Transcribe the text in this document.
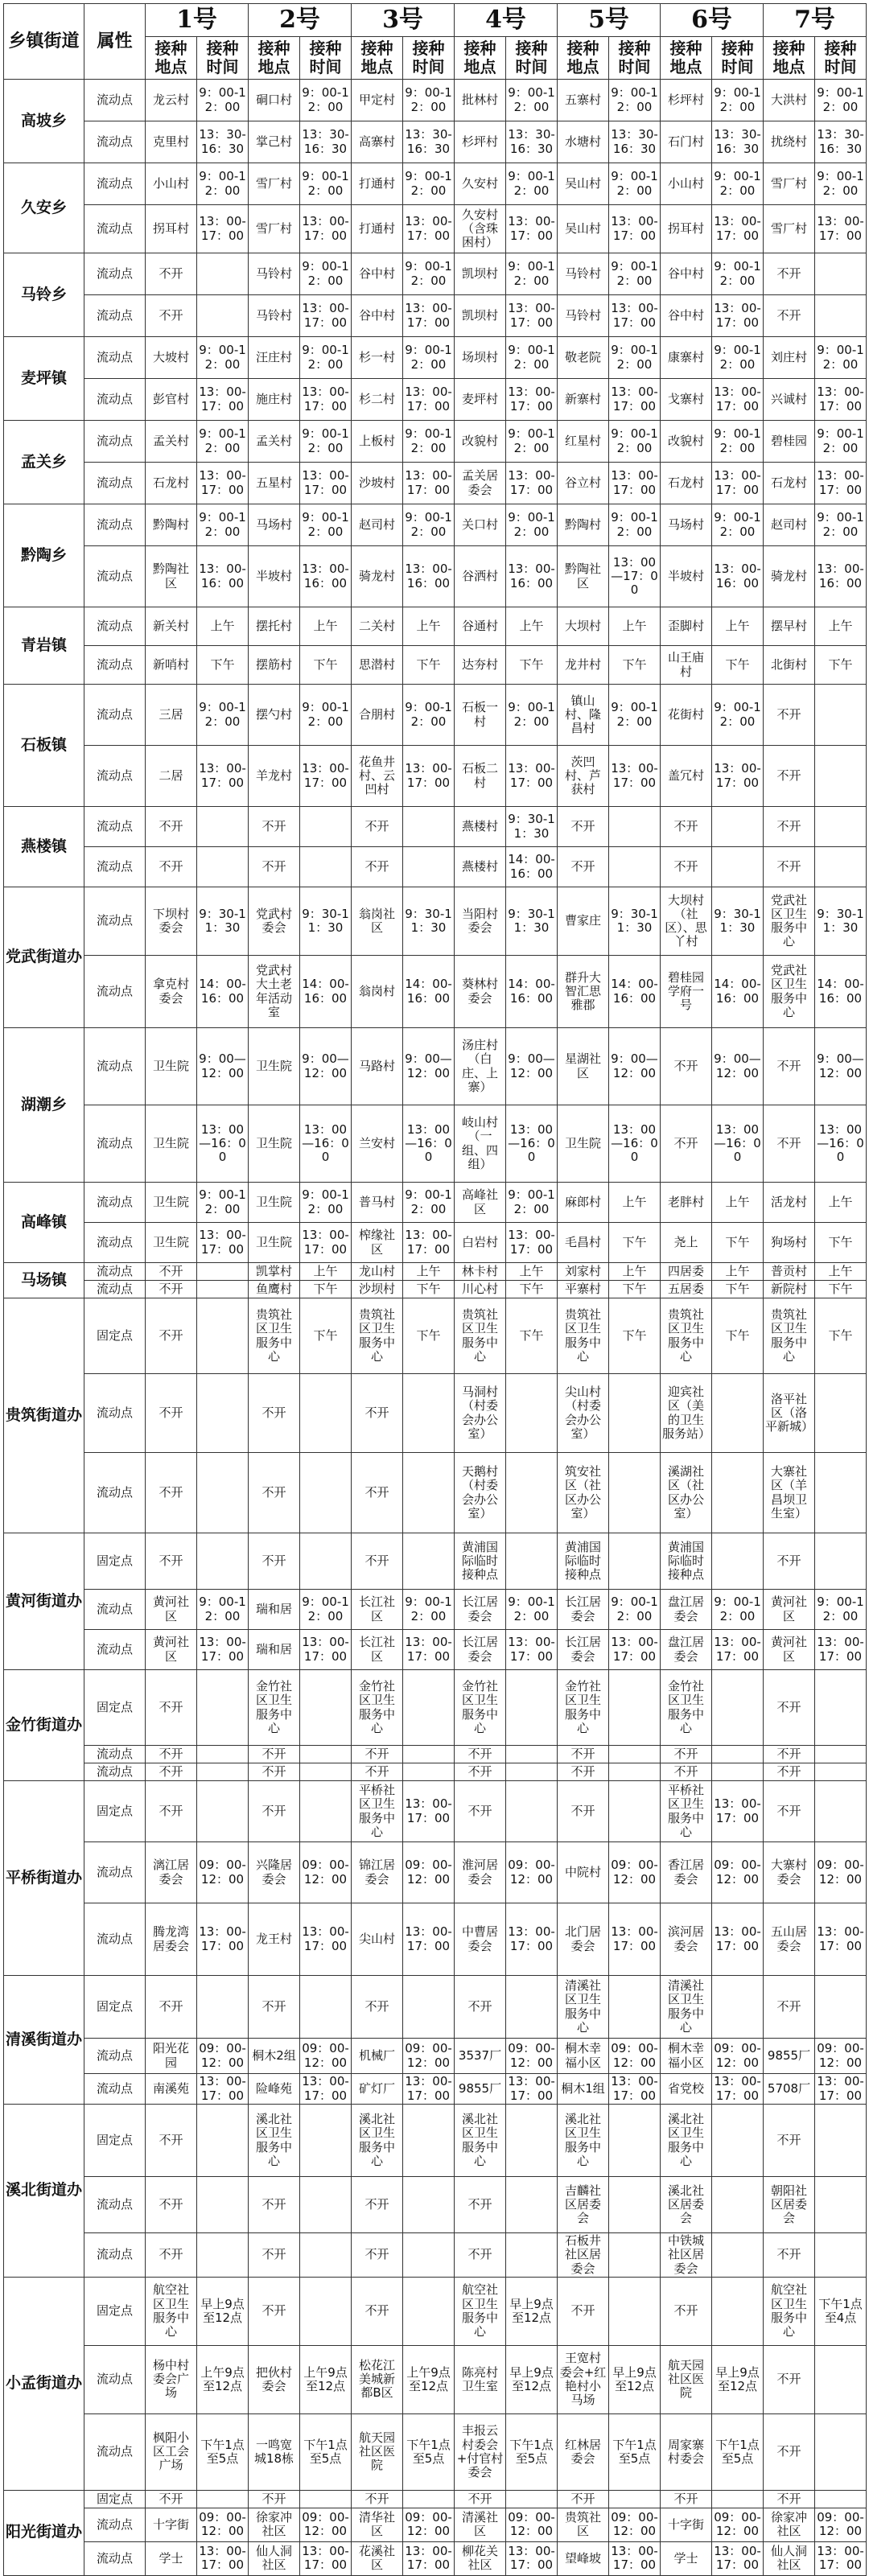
乡镇街道	属性	1号		2号		3号		4号		5号		6号		7号	
		接种地点	接种时间	接种地点	接种时间	接种地点	接种时间	接种地点	接种时间	接种地点	接种时间	接种地点	接种时间	接种地点	接种时间
高坡乡	流动点	龙云村	9：00-12：00	硐口村	9：00-12：00	甲定村	9：00-12：00	批林村	9：00-12：00	五寨村	9：00-12：00	杉坪村	9：00-12：00	大洪村	9：00-12：00
	流动点	克里村	13：30-16：30	掌己村	13：30-16：30	高寨村	13：30-16：30	杉坪村	13：30-16：30	水塘村	13：30-16：30	石门村	13：30-16：30	扰绕村	13：30-16：30
久安乡	流动点	小山村	9：00-12：00	雪厂村	9：00-12：00	打通村	9：00-12：00	久安村	9：00-12：00	吴山村	9：00-12：00	小山村	9：00-12：00	雪厂村	9：00-12：00
	流动点	拐耳村	13：00-17：00	雪厂村	13：00-17：00	打通村	13：00-17：00	久安村（含珠困村）	13：00-17：00	吴山村	13：00-17：00	拐耳村	13：00-17：00	雪厂村	13：00-17：00
马铃乡	流动点	不开		马铃村	9：00-12：00	谷中村	9：00-12：00	凯坝村	9：00-12：00	马铃村	9：00-12：00	谷中村	9：00-12：00	不开	
	流动点	不开		马铃村	13：00-17：00	谷中村	13：00-17：00	凯坝村	13：00-17：00	马铃村	13：00-17：00	谷中村	13：00-17：00	不开	
麦坪镇	流动点	大坡村	9：00-12：00	汪庄村	9：00-12：00	杉一村	9：00-12：00	场坝村	9：00-12：00	敬老院	9：00-12：00	康寨村	9：00-12：00	刘庄村	9：00-12：00
	流动点	彭官村	13：00-17：00	施庄村	13：00-17：00	杉二村	13：00-17：00	麦坪村	13：00-17：00	新寨村	13：00-17：00	戈寨村	13：00-17：00	兴诚村	13：00-17：00
孟关乡	流动点	孟关村	9：00-12：00	孟关村	9：00-12：00	上板村	9：00-12：00	改貌村	9：00-12：00	红星村	9：00-12：00	改貌村	9：00-12：00	碧桂园	9：00-12：00
	流动点	石龙村	13：00-17：00	五星村	13：00-17：00	沙坡村	13：00-17：00	孟关居委会	13：00-17：00	谷立村	13：00-17：00	石龙村	13：00-17：00	石龙村	13：00-17：00
黔陶乡	流动点	黔陶村	9：00-12：00	马场村	9：00-12：00	赵司村	9：00-12：00	关口村	9：00-12：00	黔陶村	9：00-12：00	马场村	9：00-12：00	赵司村	9：00-12：00
	流动点	黔陶社区	13：00-16：00	半坡村	13：00-16：00	骑龙村	13：00-16：00	谷洒村	13：00-16：00	黔陶社区	13：00—17：00	半坡村	13：00-16：00	骑龙村	13：00-16：00
青岩镇	流动点	新关村	上午	摆托村	上午	二关村	上午	谷通村	上午	大坝村	上午	歪脚村	上午	摆早村	上午
	流动点	新哨村	下午	摆筋村	下午	思潜村	下午	达夯村	下午	龙井村	下午	山王庙村	下午	北街村	下午
石板镇	流动点	三居	9：00-12：00	摆勺村	9：00-12：00	合朋村	9：00-12：00	石板一村	9：00-12：00	镇山村、隆昌村	9：00-12：00	花街村	9：00-12：00	不开	
	流动点	二居	13：00-17：00	羊龙村	13：00-17：00	花鱼井村、云凹村	13：00-17：00	石板二村	13：00-17：00	茨凹村、芦获村	13：00-17：00	盖冗村	13：00-17：00	不开	
燕楼镇	流动点	不开		不开		不开		燕楼村	9：30-11：30	不开		不开		不开	
	流动点	不开		不开		不开		燕楼村	14：00-16：00	不开		不开		不开	
党武街道办	流动点	下坝村委会	9：30-11：30	党武村委会	9：30-11：30	翁岗社区	9：30-11：30	当阳村委会	9：30-11：30	曹家庄	9：30-11：30	大坝村（社区）、思丫村	9：30-11：30	党武社区卫生服务中心	9：30-11：30
	流动点	拿克村委会	14：00-16：00	党武村大土老年活动室	14：00-16：00	翁岗村	14：00-16：00	葵林村委会	14：00-16：00	群升大智汇思雅郡	14：00-16：00	碧桂园学府一号	14：00-16：00	党武社区卫生服务中心	14：00-16：00
湖潮乡	流动点	卫生院	9：00—12：00	卫生院	9：00—12：00	马路村	9：00—12：00	汤庄村（白庄、上寨）	9：00—12：00	星湖社区	9：00—12：00	不开	9：00—12：00	不开	9：00—12：00
	流动点	卫生院	13：00—16：00	卫生院	13：00—16：00	兰安村	13：00—16：00	岐山村（一组、四组）	13：00—16：00	卫生院	13：00—16：00	不开	13：00—16：00	不开	13：00—16：00
高峰镇	流动点	卫生院	9：00-12：00	卫生院	9：00-12：00	普马村	9：00-12：00	高峰社区	9：00-12：00	麻郎村	上午	老胖村	上午	活龙村	上午
	流动点	卫生院	13：00-17：00	卫生院	13：00-17：00	榨缘社区	13：00-17：00	白岩村	13：00-17：00	毛昌村	下午	尧上	下午	狗场村	下午
马场镇	流动点	不开		凯掌村	上午	龙山村	上午	林卡村	上午	刘家村	上午	四居委	上午	普贡村	上午
	流动点	不开		鱼鹰村	下午	沙坝村	下午	川心村	下午	平寨村	下午	五居委	下午	新院村	下午
贵筑街道办	固定点	不开		贵筑社区卫生服务中心	下午	贵筑社区卫生服务中心	下午	贵筑社区卫生服务中心	下午	贵筑社区卫生服务中心	下午	贵筑社区卫生服务中心	下午	贵筑社区卫生服务中心	下午
	流动点	不开		不开		不开		马洞村（村委会办公室）		尖山村（村委会办公室）		迎宾社区（美的卫生服务站）		洛平社区（洛平新城）	
	流动点	不开		不开		不开		天鹅村（村委会办公室）		筑安社区（社区办公室）		溪湖社区（社区办公室）		大寨社区（羊昌坝卫生室）	
黄河街道办	固定点	不开		不开		不开		黄浦国际临时接种点		黄浦国际临时接种点		黄浦国际临时接种点		不开	
	流动点	黄河社区	9：00-12：00	瑞和居	9：00-12：00	长江社区	9：00-12：00	长江居委会	9：00-12：00	长江居委会	9：00-12：00	盘江居委会	9：00-12：00	黄河社区	9：00-12：00
	流动点	黄河社区	13：00-17：00	瑞和居	13：00-17：00	长江社区	13：00-17：00	长江居委会	13：00-17：00	长江居委会	13：00-17：00	盘江居委会	13：00-17：00	黄河社区	13：00-17：00
金竹街道办	固定点	不开		金竹社区卫生服务中心		金竹社区卫生服务中心		金竹社区卫生服务中心		金竹社区卫生服务中心		金竹社区卫生服务中心		不开	
	流动点	不开		不开		不开		不开		不开		不开		不开	
	流动点	不开		不开		不开		不开		不开		不开		不开	
平桥街道办	固定点	不开		不开		平桥社区卫生服务中心	13：00-17：00	不开		不开		平桥社区卫生服务中心	13：00-17：00	不开	
	流动点	漓江居委会	09：00-12：00	兴隆居委会	09：00-12：00	锦江居委会	09：00-12：00	淮河居委会	09：00-12：00	中院村	09：00-12：00	香江居委会	09：00-12：00	大寨村委会	09：00-12：00
	流动点	腾龙湾居委会	13：00-17：00	龙王村	13：00-17：00	尖山村	13：00-17：00	中曹居委会	13：00-17：00	北门居委会	13：00-17：00	滨河居委会	13：00-17：00	五山居委会	13：00-17：00
清溪街道办	固定点	不开		不开		不开		不开		清溪社区卫生服务中心		清溪社区卫生服务中心		不开	
	流动点	阳光花园	09：00-12：00	桐木2组	09：00-12：00	机械厂	09：00-12：00	3537厂	09：00-12：00	桐木幸福小区	09：00-12：00	桐木幸福小区	09：00-12：00	9855厂	09：00-12：00
	流动点	南溪苑	13：00-17：00	险峰苑	13：00-17：00	矿灯厂	13：00-17：00	9855厂	13：00-17：00	桐木1组	13：00-17：00	省党校	13：00-17：00	5708厂	13：00-17：00
溪北街道办	固定点	不开		溪北社区卫生服务中心		溪北社区卫生服务中心		溪北社区卫生服务中心		溪北社区卫生服务中心		溪北社区卫生服务中心		不开	
	流动点	不开		不开		不开		不开		吉麟社区居委会		溪北社区居委会		朝阳社区居委会	
	流动点	不开		不开		不开		不开		石板井社区居委会		中铁城社区居委会		不开	
小孟街道办	固定点	航空社区卫生服务中心	早上9点至12点	不开		不开		航空社区卫生服务中心	早上9点至12点	不开		不开		航空社区卫生服务中心	下午1点至4点
	流动点	杨中村委会广场	上午9点至12点	把伙村委会	上午9点至12点	松花江美城新都B区	上午9点至12点	陈亮村卫生室	早上9点至12点	王宽村委会+红艳村小马场	早上9点至12点	航天园社区医院	早上9点至12点	不开	
	流动点	枫阳小区工会广场	下午1点至5点	一鸣宽城18栋	下午1点至5点	航天园社区医院	下午1点至5点	丰报云村委会+付官村委会	下午1点至5点	红林居委会	下午1点至5点	周家寨村委会	下午1点至5点	不开	
阳光街道办	固定点	不开		不开		不开		不开		不开		不开		不开	
	流动点	十字街	09：00-12：00	徐家冲社区	09：00-12：00	清华社区	09：00-12：00	清溪社区	09：00-12：00	贵筑社区	09：00-12：00	十字街	09：00-12：00	徐家冲社区	09：00-12：00
	流动点	学士	13：00-17：00	仙人洞社区	13：00-17：00	花溪社区	13：00-17：00	柳花关社区	13：00-17：00	望峰坡	13：00-17：00	学士	13：00-17：00	仙人洞社区	13：00-17：00
